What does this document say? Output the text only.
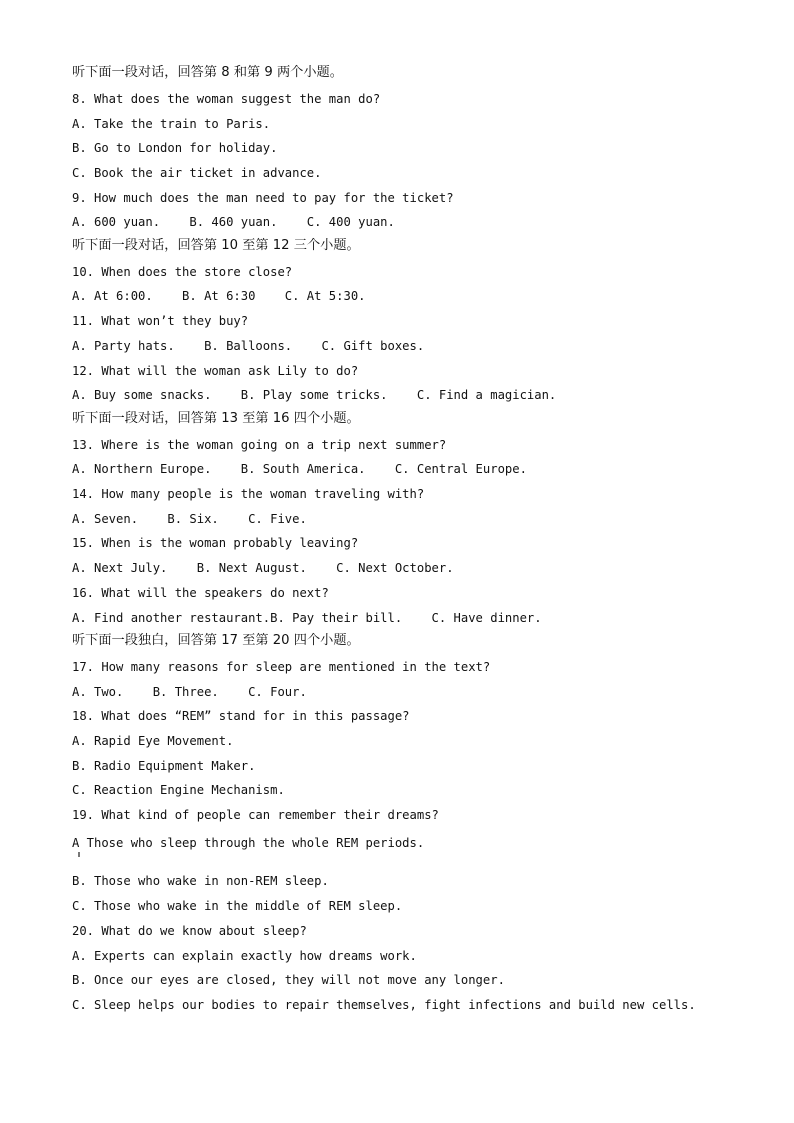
听下面一段对话，回答第 8 和第 9 两个小题。
8. What does the woman suggest the man do?
A. Take the train to Paris.
B. Go to London for holiday.
C. Book the air ticket in advance.
9. How much does the man need to pay for the ticket?
A. 600 yuan.    B. 460 yuan.    C. 400 yuan.
听下面一段对话，回答第 10 至第 12 三个小题。
10. When does the store close?
A. At 6:00.    B. At 6:30    C. At 5:30.
11. What won’t they buy?
A. Party hats.    B. Balloons.    C. Gift boxes.
12. What will the woman ask Lily to do?
A. Buy some snacks.    B. Play some tricks.    C. Find a magician.
听下面一段对话，回答第 13 至第 16 四个小题。
13. Where is the woman going on a trip next summer?
A. Northern Europe.    B. South America.    C. Central Europe.
14. How many people is the woman traveling with?
A. Seven.    B. Six.    C. Five.
15. When is the woman probably leaving?
A. Next July.    B. Next August.    C. Next October.
16. What will the speakers do next?
A. Find another restaurant.B. Pay their bill.    C. Have dinner.
听下面一段独白，回答第 17 至第 20 四个小题。
17. How many reasons for sleep are mentioned in the text?
A. Two.    B. Three.    C. Four.
18. What does “REM” stand for in this passage?
A. Rapid Eye Movement.
B. Radio Equipment Maker.
C. Reaction Engine Mechanism.
19. What kind of people can remember their dreams?
A Those who sleep through the whole REM periods.
B. Those who wake in non-REM sleep.
C. Those who wake in the middle of REM sleep.
20. What do we know about sleep?
A. Experts can explain exactly how dreams work.
B. Once our eyes are closed, they will not move any longer.
C. Sleep helps our bodies to repair themselves, fight infections and build new cells.
